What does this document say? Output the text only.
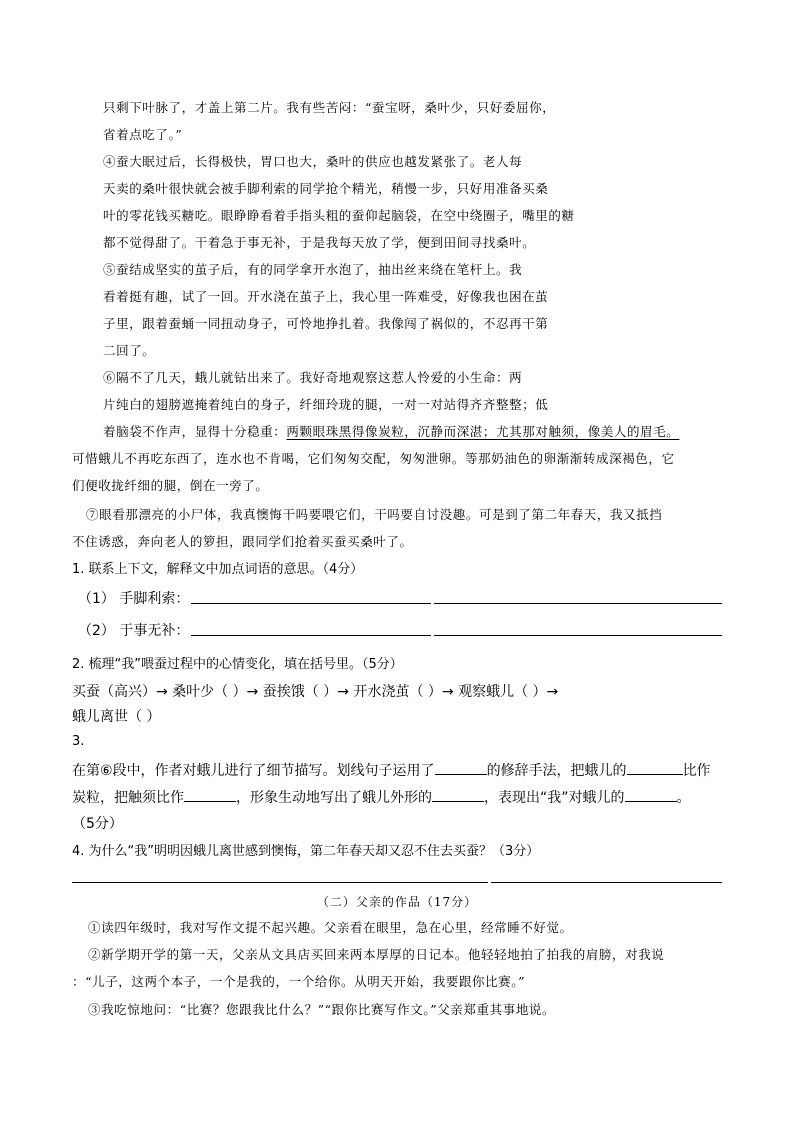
只剩下叶脉了，才盖上第二片。我有些苦闷：“蚕宝呀，桑叶少，只好委屈你，
省着点吃了。”
④蚕大眠过后，长得极快，胃口也大，桑叶的供应也越发紧张了。老人每
天卖的桑叶很快就会被手脚利索的同学抢个精光，稍慢一步，只好用准备买桑
叶的零花钱买糖吃。眼睁睁看着手指头粗的蚕仰起脑袋，在空中绕圈子，嘴里的糖
都不觉得甜了。干着急于事无补，于是我每天放了学，便到田间寻找桑叶。
⑤蚕结成坚实的茧子后，有的同学拿开水泡了，抽出丝来绕在笔杆上。我
看着挺有趣，试了一回。开水浇在茧子上，我心里一阵难受，好像我也困在茧
子里，跟着蚕蛹一同扭动身子，可怜地挣扎着。我像闯了祸似的，不忍再干第
二回了。
⑥隔不了几天，蛾儿就钻出来了。我好奇地观察这惹人怜爱的小生命：两
片纯白的翅膀遮掩着纯白的身子，纤细玲珑的腿，一对一对站得齐齐整整；低
着脑袋不作声，显得十分稳重：两颗眼珠黑得像炭粒，沉静而深湛；尤其那对触须，像美人的眉毛。
可惜蛾儿不再吃东西了，连水也不肯喝，它们匆匆交配，匆匆泄卵。等那奶油色的卵渐渐转成深褐色，它
们便收拢纤细的腿，倒在一旁了。
⑦眼看那漂亮的小尸体，我真懊悔干吗要喂它们，干吗要自讨没趣。可是到了第二年春天，我又抵挡
不住诱惑，奔向老人的箩担，跟同学们抢着买蚕买桑叶了。
1. 联系上下文，解释文中加点词语的意思。（4分）
（1） 手脚利索：
（2） 于事无补：
2. 梳理“我”喂蚕过程中的心情变化，填在括号里。（5分）
买蚕（高兴）→ 桑叶少（ ）→ 蚕挨饿（ ）→ 开水浇茧（ ）→ 观察蛾儿（ ）→
蛾儿离世（ ）
3.
在第⑥段中，作者对蛾儿进行了细节描写。划线句子运用了	的修辞手法，把蛾儿的	比作
炭粒，把触须比作	，形象生动地写出了蛾儿外形的	，表现出“我”对蛾儿的	。
（5分）
4. 为什么“我”明明因蛾儿离世感到懊悔，第二年春天却又忍不住去买蚕？（3分）
（二）父亲的作品（17分）
①读四年级时，我对写作文提不起兴趣。父亲看在眼里，急在心里，经常睡不好觉。
②新学期开学的第一天，父亲从文具店买回来两本厚厚的日记本。他轻轻地拍了拍我的肩膀，对我说
：“儿子，这两个本子，一个是我的，一个给你。从明天开始，我要跟你比赛。”
③我吃惊地问：“比赛？您跟我比什么？”“跟你比赛写作文。”父亲郑重其事地说。
